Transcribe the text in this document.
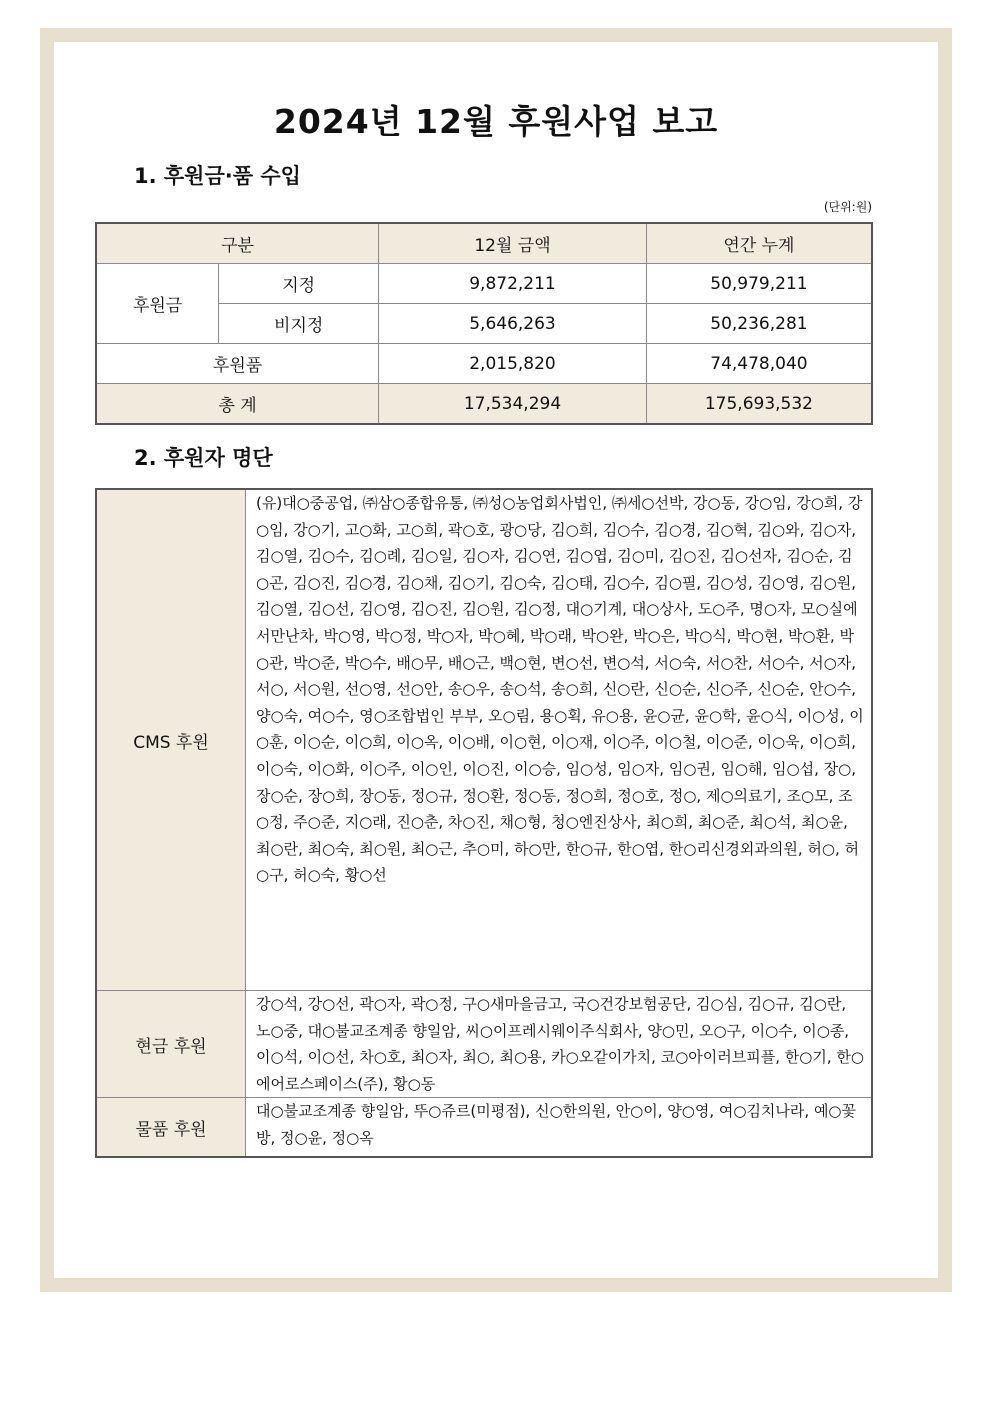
2024년 12월 후원사업 보고
1. 후원금·품 수입
(단위:원)
구분		12월 금액	연간 누계
후원금	지정	9,872,211	50,979,211
	비지정	5,646,263	50,236,281
후원품		2,015,820	74,478,040
총 계		17,534,294	175,693,532
2. 후원자 명단
CMS 후원	(유)대○중공업, ㈜삼○종합유통, ㈜성○농업회사법인, ㈜세○선박, 강○동, 강○임, 강○희, 강○임, 강○기, 고○화, 고○희, 곽○호, 광○당, 김○희, 김○수, 김○경, 김○혁, 김○와, 김○자, 김○열, 김○수, 김○례, 김○일, 김○자, 김○연, 김○엽, 김○미, 김○진, 김○선자, 김○순, 김○곤, 김○진, 김○경, 김○채, 김○기, 김○숙, 김○태, 김○수, 김○필, 김○성, 김○영, 김○원, 김○열, 김○선, 김○영, 김○진, 김○원, 김○정, 대○기계, 대○상사, 도○주, 명○자, 모○실에서만난차, 박○영, 박○정, 박○자, 박○혜, 박○래, 박○완, 박○은, 박○식, 박○현, 박○환, 박○관, 박○준, 박○수, 배○무, 배○근, 백○현, 변○선, 변○석, 서○숙, 서○찬, 서○수, 서○자, 서○, 서○원, 선○영, 선○안, 송○우, 송○석, 송○희, 신○란, 신○순, 신○주, 신○순, 안○수, 양○숙, 여○수, 영○조합법인 부부, 오○림, 용○획, 유○용, 윤○균, 윤○학, 윤○식, 이○성, 이○훈, 이○순, 이○희, 이○옥, 이○배, 이○현, 이○재, 이○주, 이○철, 이○준, 이○욱, 이○희, 이○숙, 이○화, 이○주, 이○인, 이○진, 이○승, 임○성, 임○자, 임○권, 임○해, 임○섭, 장○, 장○순, 장○희, 장○동, 정○규, 정○환, 정○동, 정○희, 정○호, 정○, 제○의료기, 조○모, 조○정, 주○준, 지○래, 진○춘, 차○진, 채○형, 청○엔진상사, 최○희, 최○준, 최○석, 최○윤, 최○란, 최○숙, 최○원, 최○근, 추○미, 하○만, 한○규, 한○엽, 한○리신경외과의원, 허○, 허○구, 허○숙, 황○선
현금 후원	강○석, 강○선, 곽○자, 곽○정, 구○새마을금고, 국○건강보험공단, 김○심, 김○규, 김○란, 노○중, 대○불교조계종 향일암, 씨○이프레시웨이주식회사, 양○민, 오○구, 이○수, 이○종, 이○석, 이○선, 차○호, 최○자, 최○, 최○용, 카○오같이가치, 코○아이러브피플, 한○기, 한○에어로스페이스(주), 황○동
물품 후원	대○불교조계종 향일암, 뚜○쥬르(미평점), 신○한의원, 안○이, 양○영, 여○김치나라, 예○꽃방, 정○윤, 정○옥
